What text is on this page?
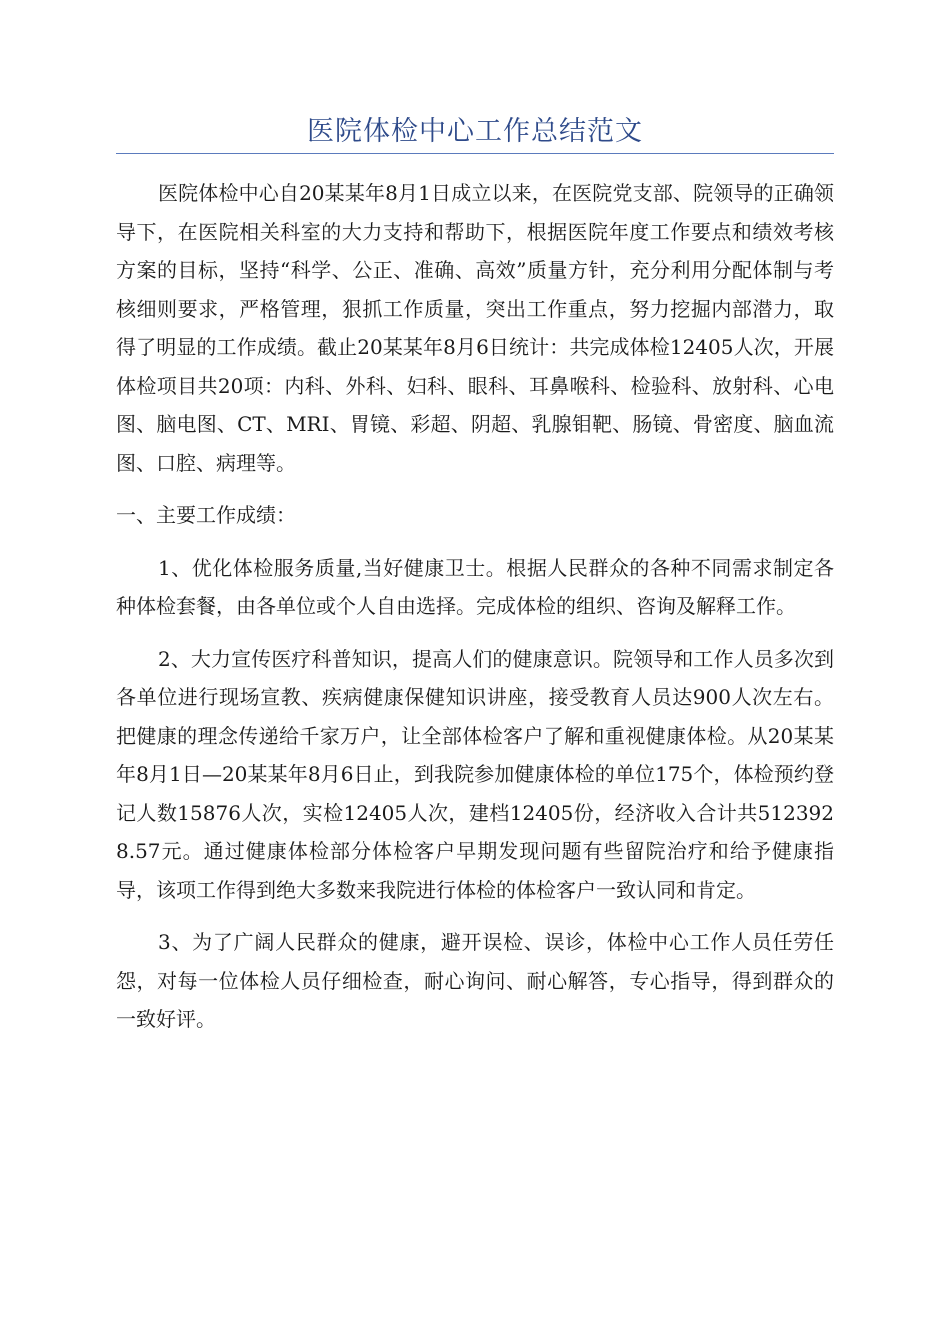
医院体检中心工作总结范文

医院体检中心自20某某年8月1日成立以来，在医院党支部、院领导的正确领导下，在医院相关科室的大力支持和帮助下，根据医院年度工作要点和绩效考核方案的目标，坚持“科学、公正、准确、高效”质量方针，充分利用分配体制与考核细则要求，严格管理，狠抓工作质量，突出工作重点，努力挖掘内部潜力，取得了明显的工作成绩。截止20某某年8月6日统计：共完成体检12405人次，开展体检项目共20项：内科、外科、妇科、眼科、耳鼻喉科、检验科、放射科、心电图、脑电图、CT、MRI、胃镜、彩超、阴超、乳腺钼靶、肠镜、骨密度、脑血流图、口腔、病理等。

一、主要工作成绩：

1、优化体检服务质量,当好健康卫士。根据人民群众的各种不同需求制定各种体检套餐，由各单位或个人自由选择。完成体检的组织、咨询及解释工作。

2、大力宣传医疗科普知识，提高人们的健康意识。院领导和工作人员多次到各单位进行现场宣教、疾病健康保健知识讲座，接受教育人员达900人次左右。把健康的理念传递给千家万户，让全部体检客户了解和重视健康体检。从20某某年8月1日—20某某年8月6日止，到我院参加健康体检的单位175个，体检预约登记人数15876人次，实检12405人次，建档12405份，经济收入合计共5123928.57元。通过健康体检部分体检客户早期发现问题有些留院治疗和给予健康指导，该项工作得到绝大多数来我院进行体检的体检客户一致认同和肯定。

3、为了广阔人民群众的健康，避开误检、误诊，体检中心工作人员任劳任怨，对每一位体检人员仔细检查，耐心询问、耐心解答，专心指导，得到群众的一致好评。
